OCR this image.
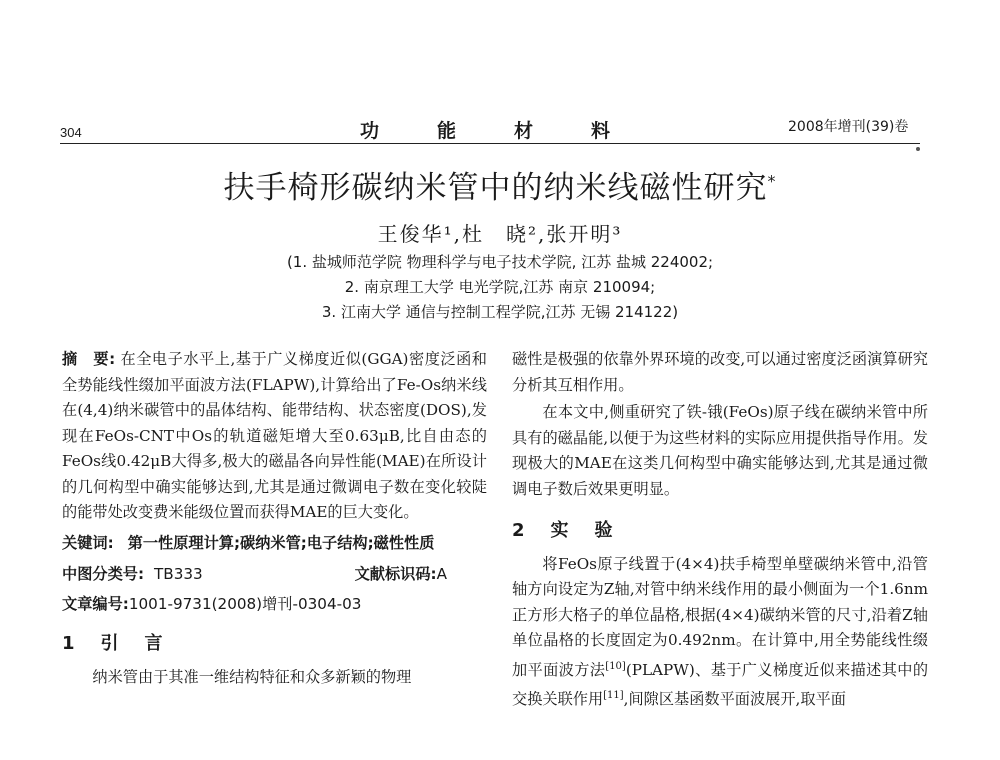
304	功能材料	2008年增刊(39)卷
扶手椅形碳纳米管中的纳米线磁性研究*
王俊华¹,杜　晓²,张开明³
(1. 盐城师范学院 物理科学与电子技术学院, 江苏 盐城 224002;
2. 南京理工大学 电光学院,江苏 南京 210094;
3. 江南大学 通信与控制工程学院,江苏 无锡 214122)

摘　要: 在全电子水平上,基于广义梯度近似(GGA)密度泛函和全势能线性缀加平面波方法(FLAPW),计算给出了Fe-Os纳米线在(4,4)纳米碳管中的晶体结构、能带结构、状态密度(DOS),发现在FeOs-CNT中Os的轨道磁矩增大至0.63μB,比自由态的FeOs线0.42μB大得多,极大的磁晶各向异性能(MAE)在所设计的几何构型中确实能够达到,尤其是通过微调电子数在变化较陡的能带处改变费米能级位置而获得MAE的巨大变化。

关键词: 第一性原理计算;碳纳米管;电子结构;磁性性质
中图分类号: TB333	文献标识码:A
文章编号:1001-9731(2008)增刊-0304-03
1　引　言

纳米管由于其准一维结构特征和众多新颖的物理

磁性是极强的依靠外界环境的改变,可以通过密度泛函演算研究分析其互相作用。

在本文中,侧重研究了铁-锇(FeOs)原子线在碳纳米管中所具有的磁晶能,以便于为这些材料的实际应用提供指导作用。发现极大的MAE在这类几何构型中确实能够达到,尤其是通过微调电子数后效果更明显。

2　实　验

将FeOs原子线置于(4×4)扶手椅型单壁碳纳米管中,沿管轴方向设定为Z轴,对管中纳米线作用的最小侧面为一个1.6nm正方形大格子的单位晶格,根据(4×4)碳纳米管的尺寸,沿着Z轴单位晶格的长度固定为0.492nm。在计算中,用全势能线性缀加平面波方法[10](PLAPW)、基于广义梯度近似来描述其中的交换关联作用[11],间隙区基函数平面波展开,取平面
